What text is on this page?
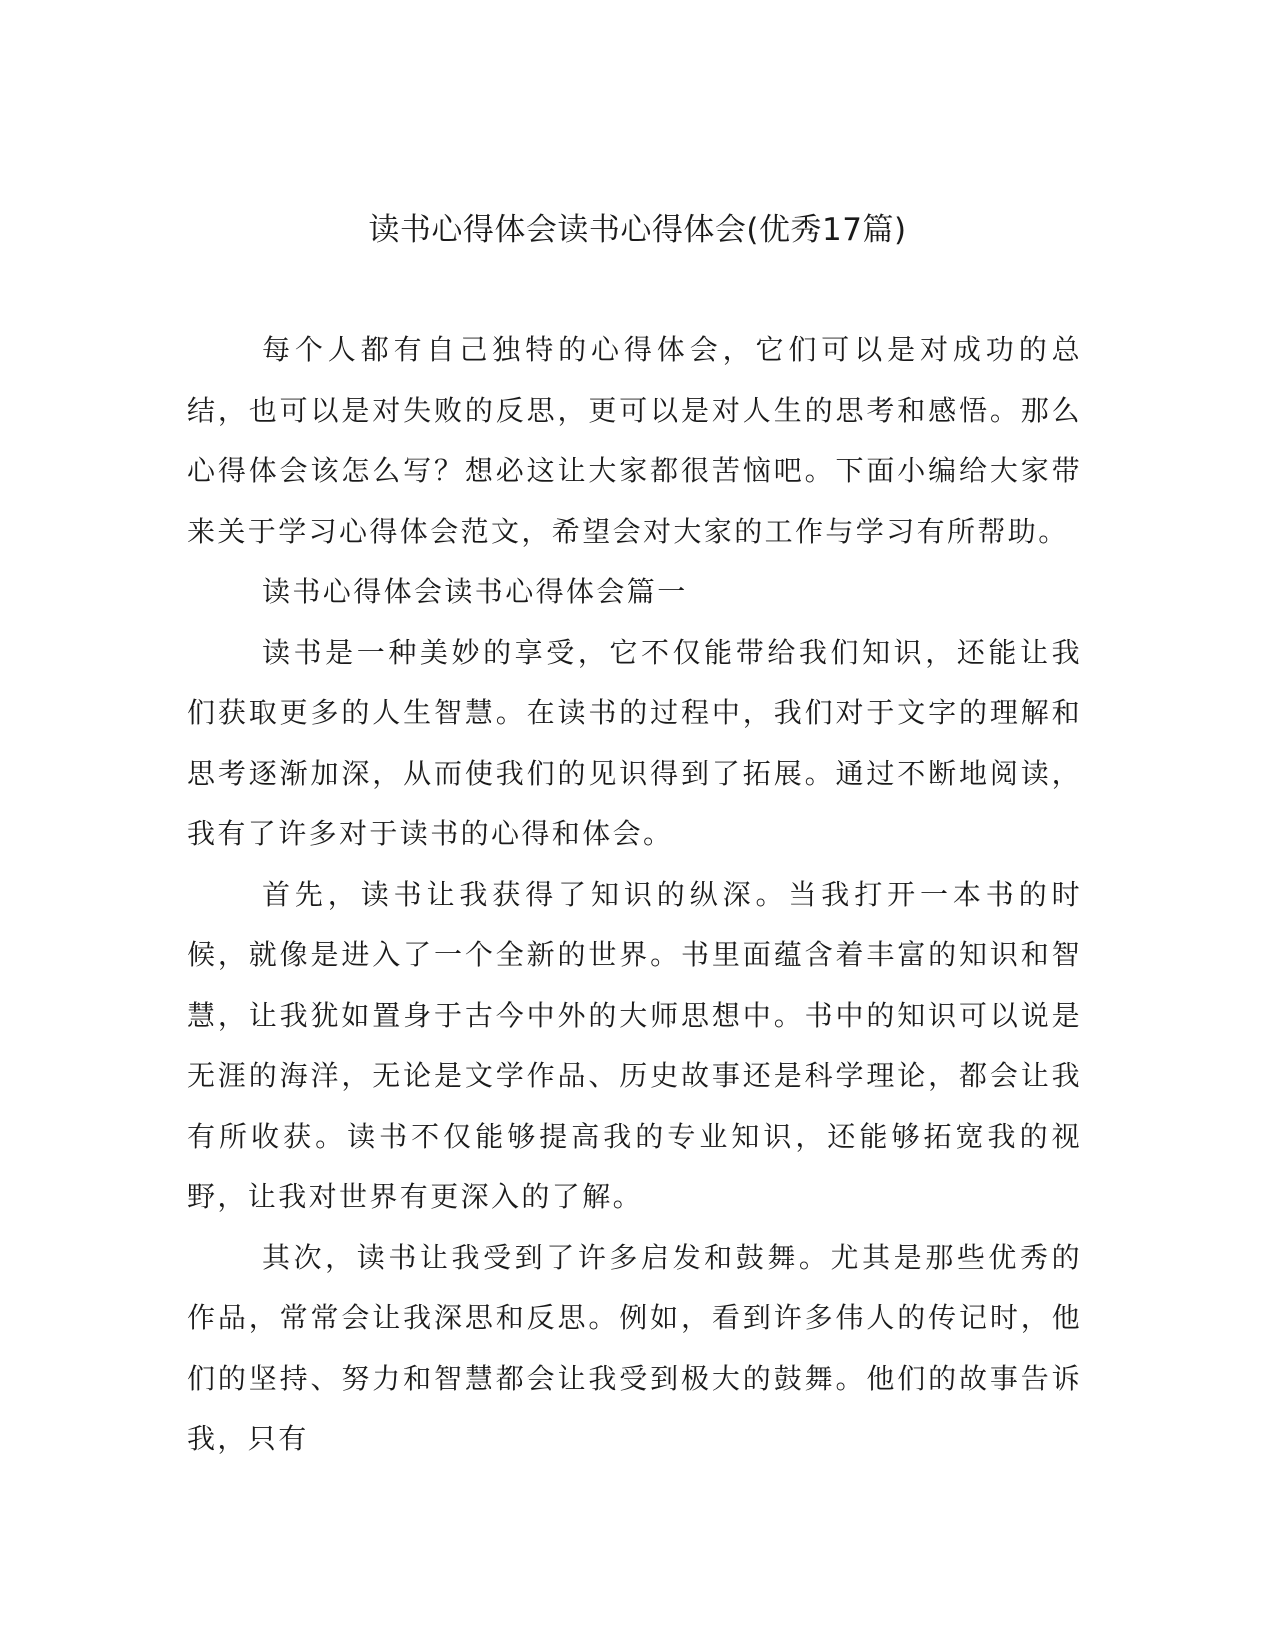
读书心得体会读书心得体会(优秀17篇)

每个人都有自己独特的心得体会，它们可以是对成功的总结，也可以是对失败的反思，更可以是对人生的思考和感悟。那么心得体会该怎么写？想必这让大家都很苦恼吧。下面小编给大家带来关于学习心得体会范文，希望会对大家的工作与学习有所帮助。

读书心得体会读书心得体会篇一

读书是一种美妙的享受，它不仅能带给我们知识，还能让我们获取更多的人生智慧。在读书的过程中，我们对于文字的理解和思考逐渐加深，从而使我们的见识得到了拓展。通过不断地阅读，我有了许多对于读书的心得和体会。

首先，读书让我获得了知识的纵深。当我打开一本书的时候，就像是进入了一个全新的世界。书里面蕴含着丰富的知识和智慧，让我犹如置身于古今中外的大师思想中。书中的知识可以说是无涯的海洋，无论是文学作品、历史故事还是科学理论，都会让我有所收获。读书不仅能够提高我的专业知识，还能够拓宽我的视野，让我对世界有更深入的了解。

其次，读书让我受到了许多启发和鼓舞。尤其是那些优秀的作品，常常会让我深思和反思。例如，看到许多伟人的传记时，他们的坚持、努力和智慧都会让我受到极大的鼓舞。他们的故事告诉我，只有
